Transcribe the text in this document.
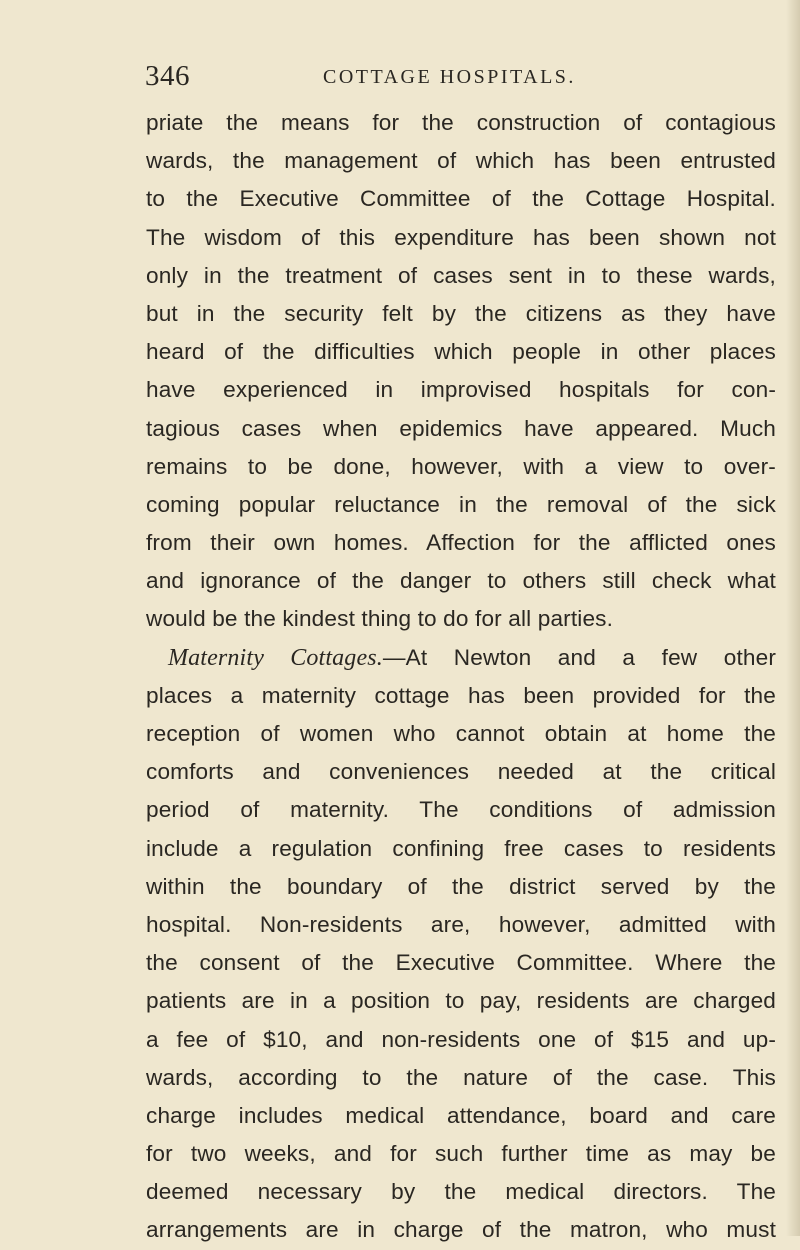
346	COTTAGE HOSPITALS.
priate the means for the construction of contagious
wards, the management of which has been entrusted
to the Executive Committee of the Cottage Hospital.
The wisdom of this expenditure has been shown not
only in the treatment of cases sent in to these wards,
but in the security felt by the citizens as they have
heard of the difficulties which people in other places
have experienced in improvised hospitals for con-
tagious cases when epidemics have appeared. Much
remains to be done, however, with a view to over-
coming popular reluctance in the removal of the sick
from their own homes. Affection for the afflicted ones
and ignorance of the danger to others still check what
would be the kindest thing to do for all parties.
Maternity Cottages.—At Newton and a few other
places a maternity cottage has been provided for the
reception of women who cannot obtain at home the
comforts and conveniences needed at the critical
period of maternity. The conditions of admission
include a regulation confining free cases to residents
within the boundary of the district served by the
hospital. Non-residents are, however, admitted with
the consent of the Executive Committee. Where the
patients are in a position to pay, residents are charged
a fee of $10, and non-residents one of $15 and up-
wards, according to the nature of the case. This
charge includes medical attendance, board and care
for two weeks, and for such further time as may be
deemed necessary by the medical directors. The
arrangements are in charge of the matron, who must
